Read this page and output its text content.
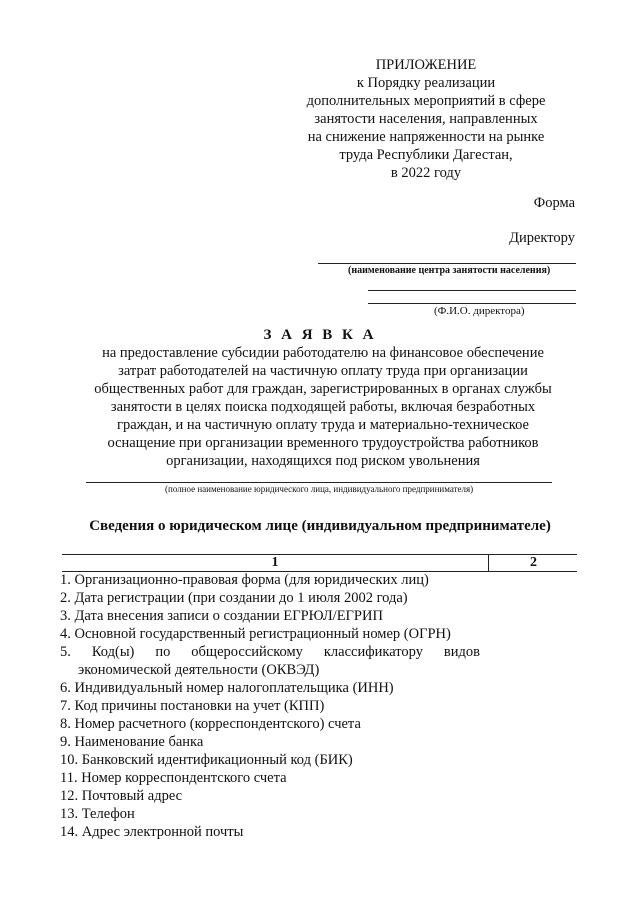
ПРИЛОЖЕНИЕ
к Порядку реализации
дополнительных мероприятий в сфере
занятости населения, направленных
на снижение напряженности на рынке
труда Республики Дагестан,
в 2022 году
Форма
Директору
(наименование центра занятости населения)
(Ф.И.О. директора)
З А Я В К А
на предоставление субсидии работодателю на финансовое обеспечение
затрат работодателей на частичную оплату труда при организации
общественных работ для граждан, зарегистрированных в органах службы
занятости в целях поиска подходящей работы, включая безработных
граждан, и на частичную оплату труда и материально-техническое
оснащение при организации временного трудоустройства работников
организации, находящихся под риском увольнения
(полное наименование юридического лица, индивидуального предпринимателя)
Сведения о юридическом лице (индивидуальном предпринимателе)
1	2
1. Организационно-правовая форма (для юридических лиц)
2. Дата регистрации (при создании до 1 июля 2002 года)
3. Дата внесения записи о создании ЕГРЮЛ/ЕГРИП
4. Основной государственный регистрационный номер (ОГРН)
5. Код(ы) по общероссийскому классификатору видов
экономической деятельности (ОКВЭД)
6. Индивидуальный номер налогоплательщика (ИНН)
7. Код причины постановки на учет (КПП)
8. Номер расчетного (корреспондентского) счета
9. Наименование банка
10. Банковский идентификационный код (БИК)
11. Номер корреспондентского счета
12. Почтовый адрес
13. Телефон
14. Адрес электронной почты
